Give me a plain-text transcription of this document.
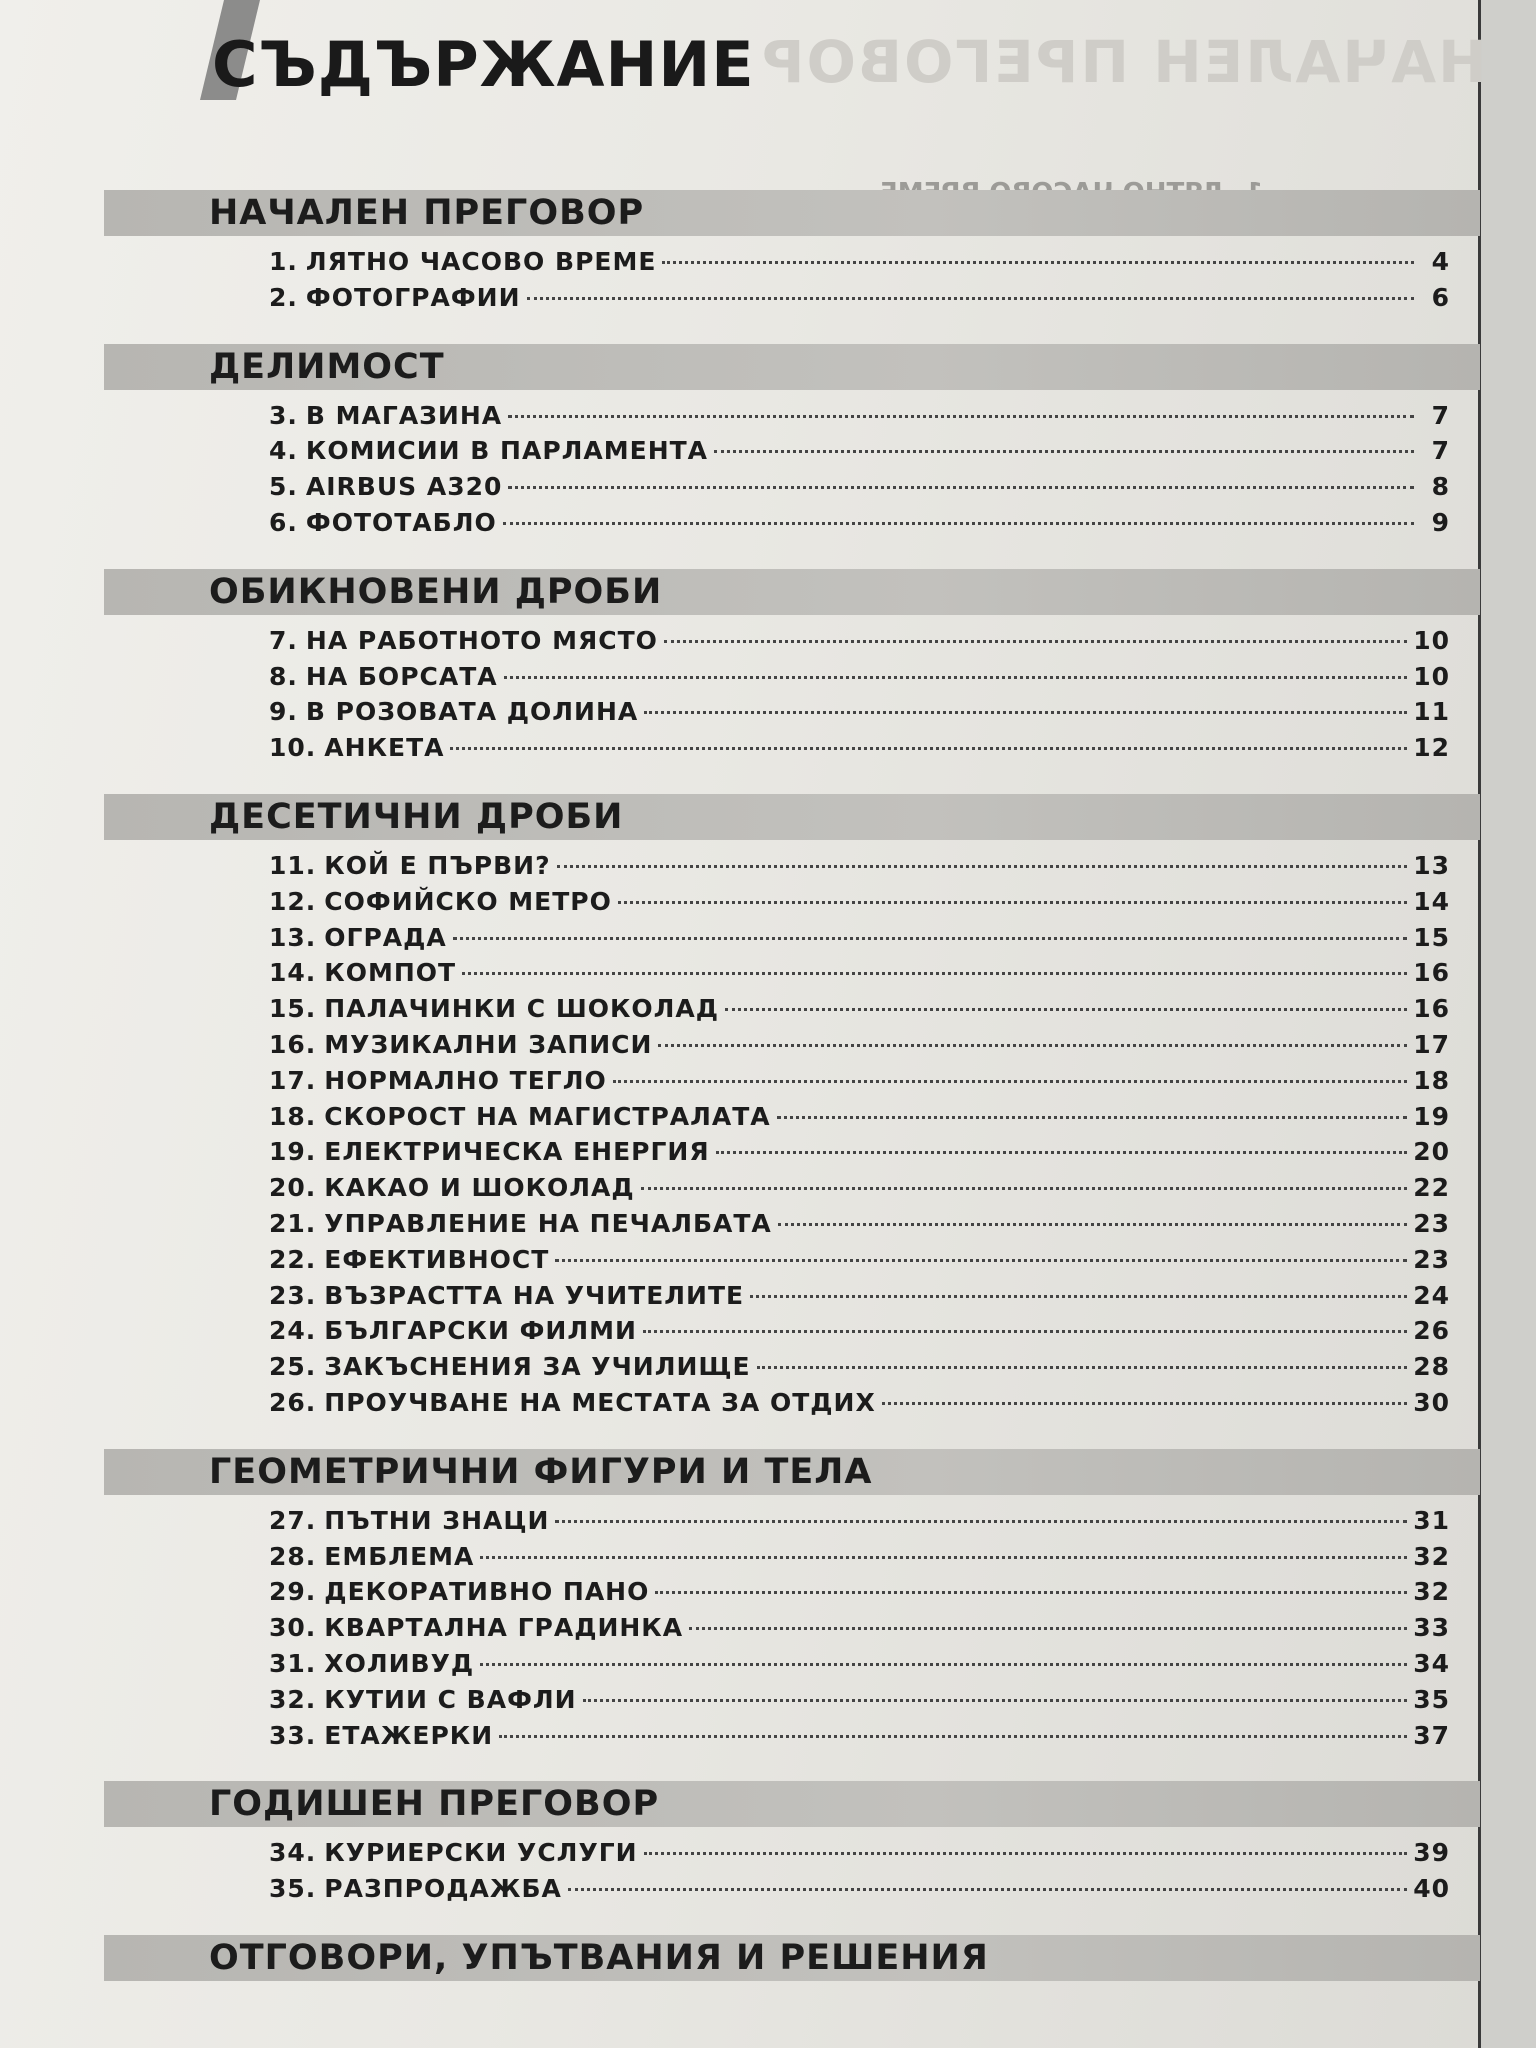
НАЧАЛЕН ПРЕГОВОР
СЪДЪРЖАНИЕ
НАЧАЛЕН ПРЕГОВОР
1. ЛЯТНО ЧАСОВО ВРЕМЕ	4
2. ФОТОГРАФИИ	6
ДЕЛИМОСТ
3. В МАГАЗИНА	7
4. КОМИСИИ В ПАРЛАМЕНТА	7
5. AIRBUS A320	8
6. ФОТОТАБЛО	9
ОБИКНОВЕНИ ДРОБИ
7. НА РАБОТНОТО МЯСТО	10
8. НА БОРСАТА	10
9. В РОЗОВАТА ДОЛИНА	11
10. АНКЕТА	12
ДЕСЕТИЧНИ ДРОБИ
11. КОЙ Е ПЪРВИ?	13
12. СОФИЙСКО МЕТРО	14
13. ОГРАДА	15
14. КОМПОТ	16
15. ПАЛАЧИНКИ С ШОКОЛАД	16
16. МУЗИКАЛНИ ЗАПИСИ	17
17. НОРМАЛНО ТЕГЛО	18
18. СКОРОСТ НА МАГИСТРАЛАТА	19
19. ЕЛЕКТРИЧЕСКА ЕНЕРГИЯ	20
20. КАКАО И ШОКОЛАД	22
21. УПРАВЛЕНИЕ НА ПЕЧАЛБАТА	23
22. ЕФЕКТИВНОСТ	23
23. ВЪЗРАСТТА НА УЧИТЕЛИТЕ	24
24. БЪЛГАРСКИ ФИЛМИ	26
25. ЗАКЪСНЕНИЯ ЗА УЧИЛИЩЕ	28
26. ПРОУЧВАНЕ НА МЕСТАТА ЗА ОТДИХ	30
ГЕОМЕТРИЧНИ ФИГУРИ И ТЕЛА
27. ПЪТНИ ЗНАЦИ	31
28. ЕМБЛЕМА	32
29. ДЕКОРАТИВНО ПАНО	32
30. КВАРТАЛНА ГРАДИНКА	33
31. ХОЛИВУД	34
32. КУТИИ С ВАФЛИ	35
33. ЕТАЖЕРКИ	37
ГОДИШЕН ПРЕГОВОР
34. КУРИЕРСКИ УСЛУГИ	39
35. РАЗПРОДАЖБА	40
ОТГОВОРИ, УПЪТВАНИЯ И РЕШЕНИЯ
